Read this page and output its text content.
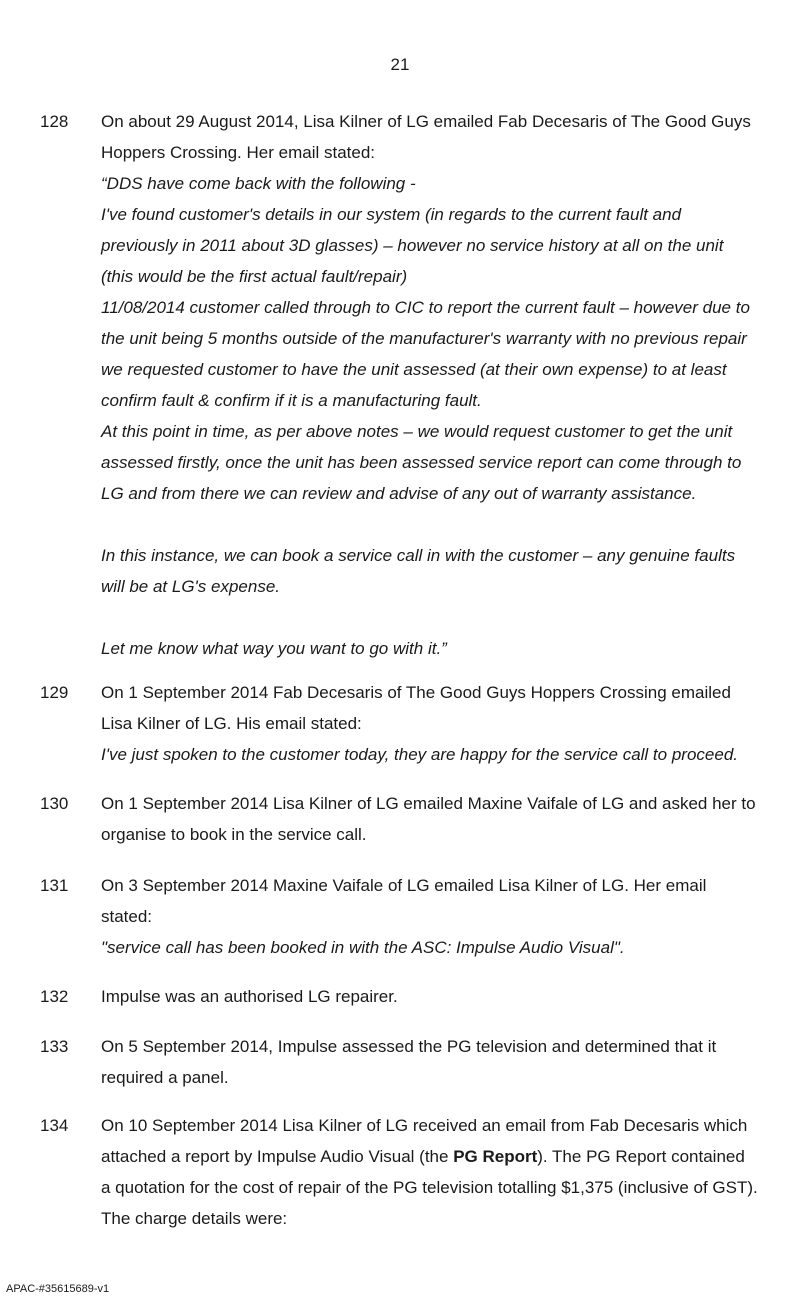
21
128 On about 29 August 2014, Lisa Kilner of LG emailed Fab Decesaris of The Good Guys
Hoppers Crossing. Her email stated:
“DDS have come back with the following -
I've found customer's details in our system (in regards to the current fault and
previously in 2011 about 3D glasses) – however no service history at all on the unit
(this would be the first actual fault/repair)
11/08/2014 customer called through to CIC to report the current fault – however due to
the unit being 5 months outside of the manufacturer's warranty with no previous repair
we requested customer to have the unit assessed (at their own expense) to at least
confirm fault & confirm if it is a manufacturing fault.
At this point in time, as per above notes – we would request customer to get the unit
assessed firstly, once the unit has been assessed service report can come through to
LG and from there we can review and advise of any out of warranty assistance.
In this instance, we can book a service call in with the customer – any genuine faults
will be at LG's expense.
Let me know what way you want to go with it.”
129 On 1 September 2014 Fab Decesaris of The Good Guys Hoppers Crossing emailed
Lisa Kilner of LG. His email stated:
I've just spoken to the customer today, they are happy for the service call to proceed.
130 On 1 September 2014 Lisa Kilner of LG emailed Maxine Vaifale of LG and asked her to
organise to book in the service call.
131 On 3 September 2014 Maxine Vaifale of LG emailed Lisa Kilner of LG. Her email
stated:
"service call has been booked in with the ASC: Impulse Audio Visual".
132 Impulse was an authorised LG repairer.
133 On 5 September 2014, Impulse assessed the PG television and determined that it
required a panel.
134 On 10 September 2014 Lisa Kilner of LG received an email from Fab Decesaris which
attached a report by Impulse Audio Visual (the PG Report). The PG Report contained
a quotation for the cost of repair of the PG television totalling $1,375 (inclusive of GST).
The charge details were:
APAC-#35615689-v1
